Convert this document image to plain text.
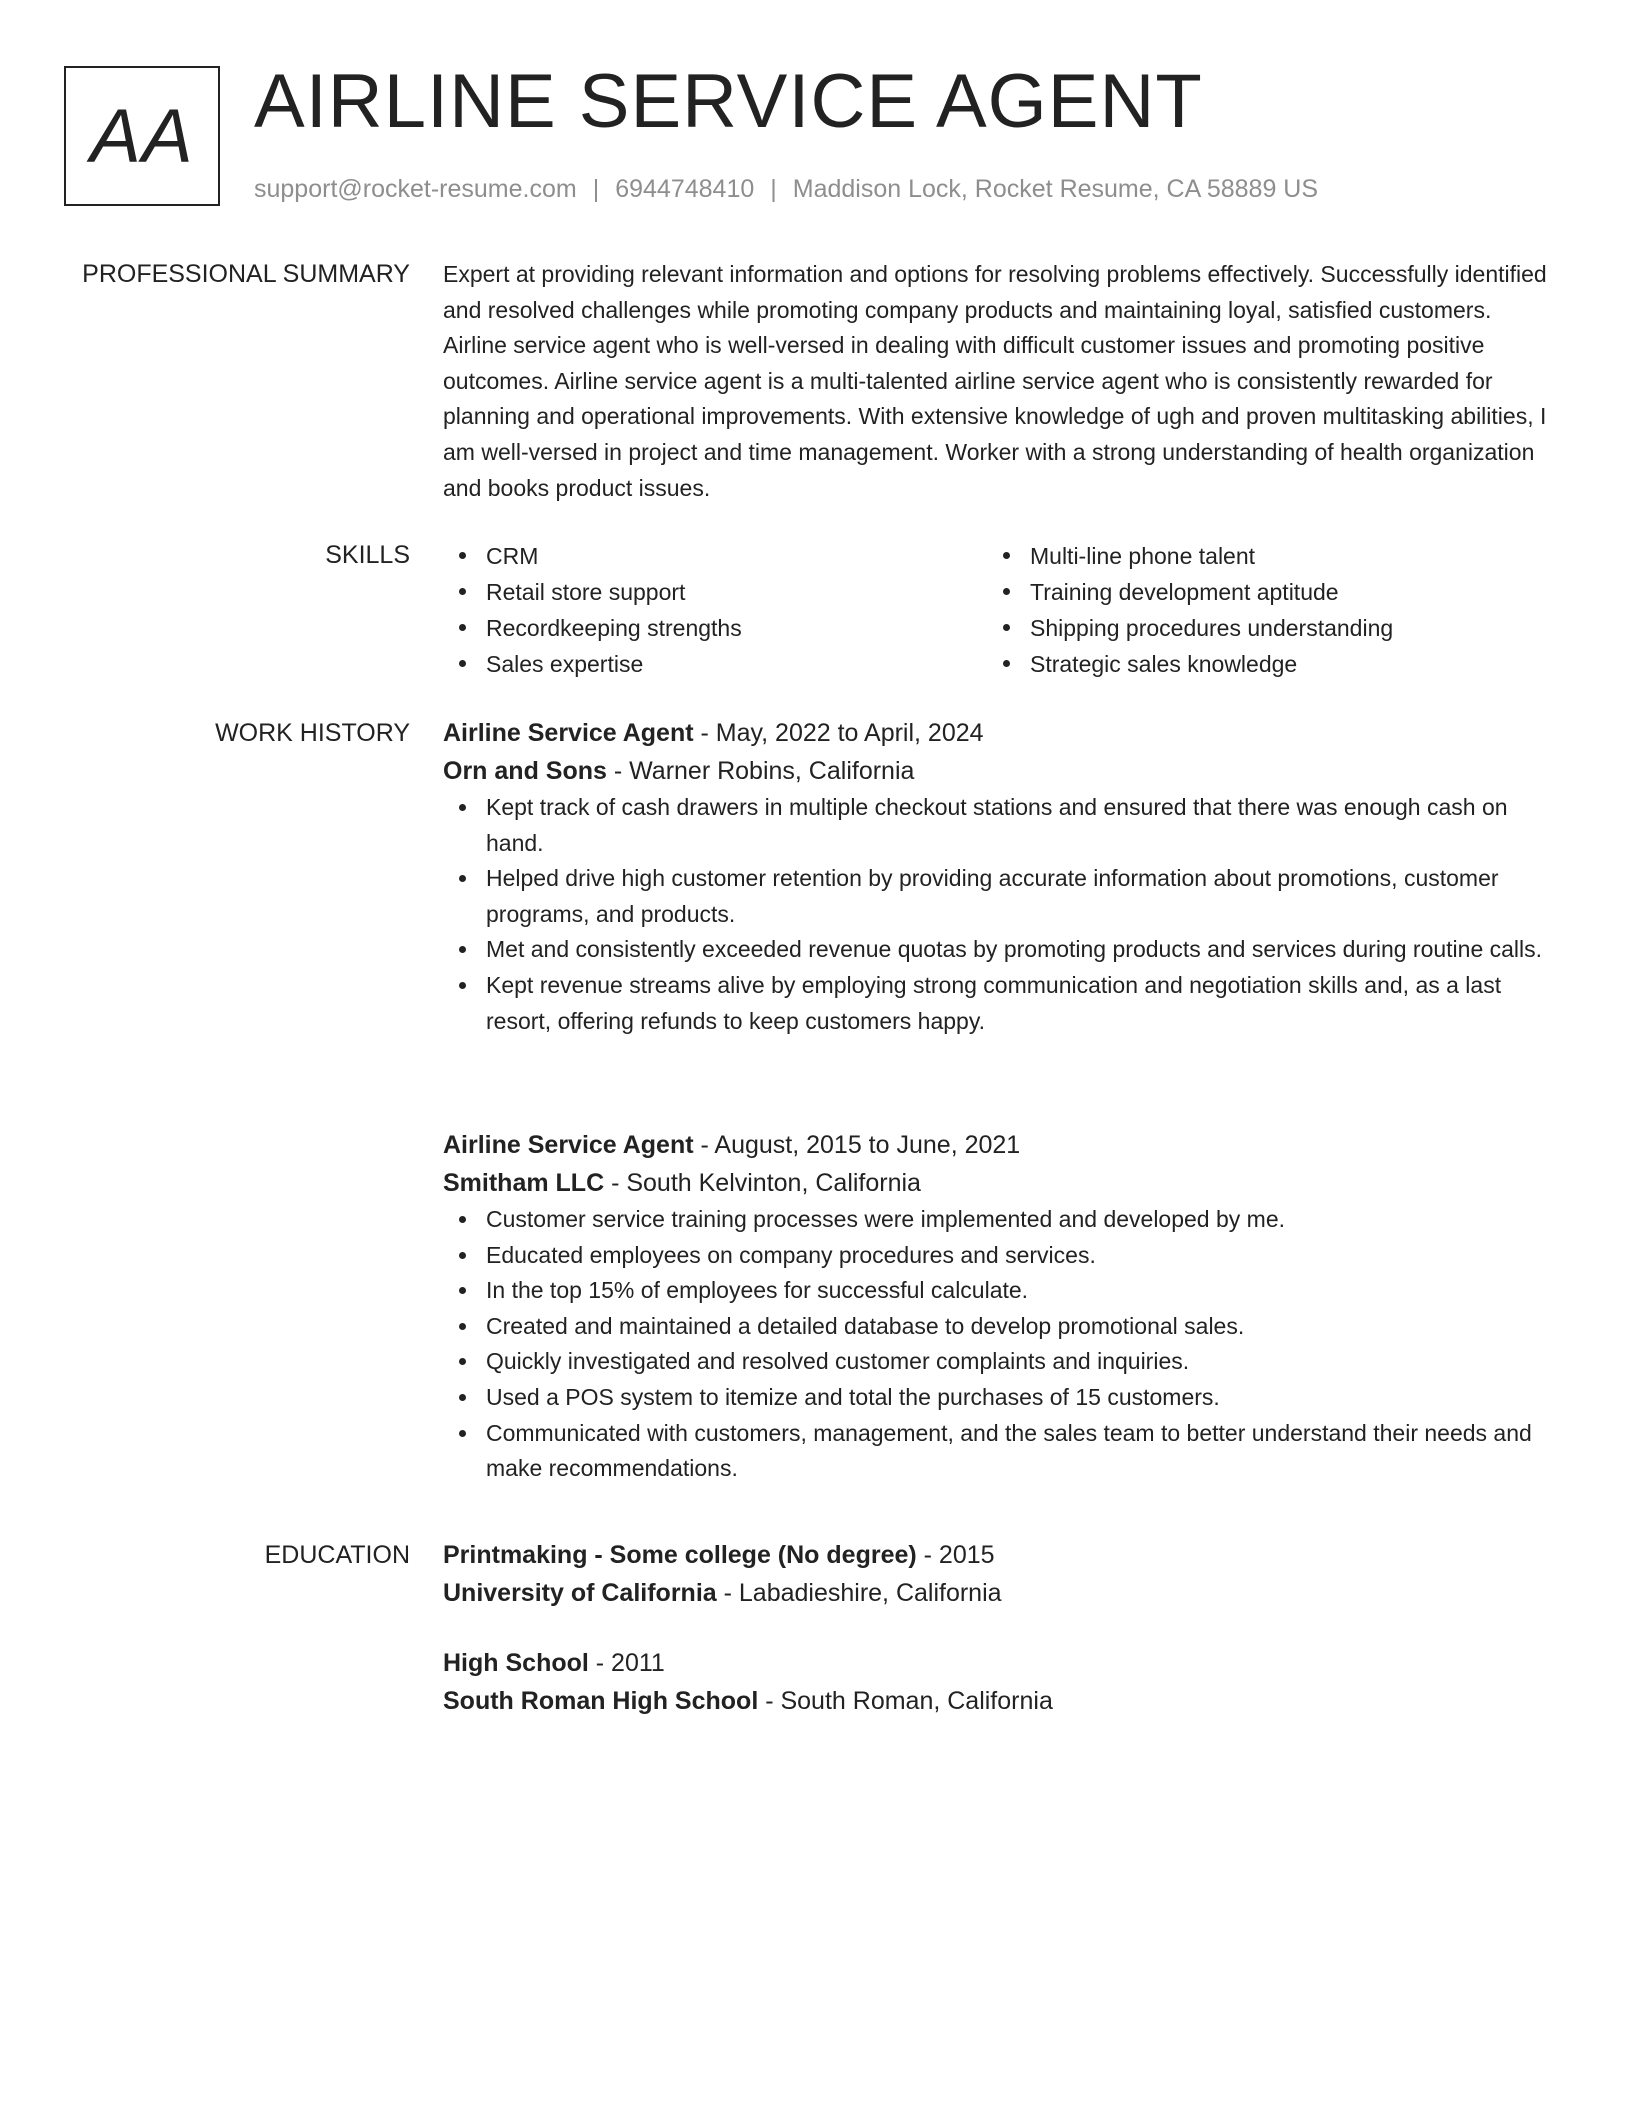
AA AIRLINE SERVICE AGENT
support@rocket-resume.com | 6944748410 | Maddison Lock, Rocket Resume, CA 58889 US
PROFESSIONAL SUMMARY Expert at providing relevant information and options for resolving problems effectively. Successfully identified and resolved challenges while promoting company products and maintaining loyal, satisfied customers. Airline service agent who is well-versed in dealing with difficult customer issues and promoting positive outcomes. Airline service agent is a multi-talented airline service agent who is consistently rewarded for planning and operational improvements. With extensive knowledge of ugh and proven multitasking abilities, I am well-versed in project and time management. Worker with a strong understanding of health organization and books product issues.

SKILLS	CRM
Retail store support
Recordkeeping strengths
Sales expertise
Multi-line phone talent
Training development aptitude
Shipping procedures understanding
Strategic sales knowledge
WORK HISTORY Airline Service Agent - May, 2022 to April, 2024
Orn and Sons - Warner Robins, California
Kept track of cash drawers in multiple checkout stations and ensured that there was enough cash on hand.
Helped drive high customer retention by providing accurate information about promotions, customer programs, and products.
Met and consistently exceeded revenue quotas by promoting products and services during routine calls.
Kept revenue streams alive by employing strong communication and negotiation skills and, as a last resort, offering refunds to keep customers happy.
Airline Service Agent - August, 2015 to June, 2021
Smitham LLC - South Kelvinton, California
Customer service training processes were implemented and developed by me.
Educated employees on company procedures and services.
In the top 15% of employees for successful calculate.
Created and maintained a detailed database to develop promotional sales.
Quickly investigated and resolved customer complaints and inquiries.
Used a POS system to itemize and total the purchases of 15 customers.
Communicated with customers, management, and the sales team to better understand their needs and make recommendations.
EDUCATION Printmaking - Some college (No degree) - 2015
University of California - Labadieshire, California
High School - 2011
South Roman High School - South Roman, California
